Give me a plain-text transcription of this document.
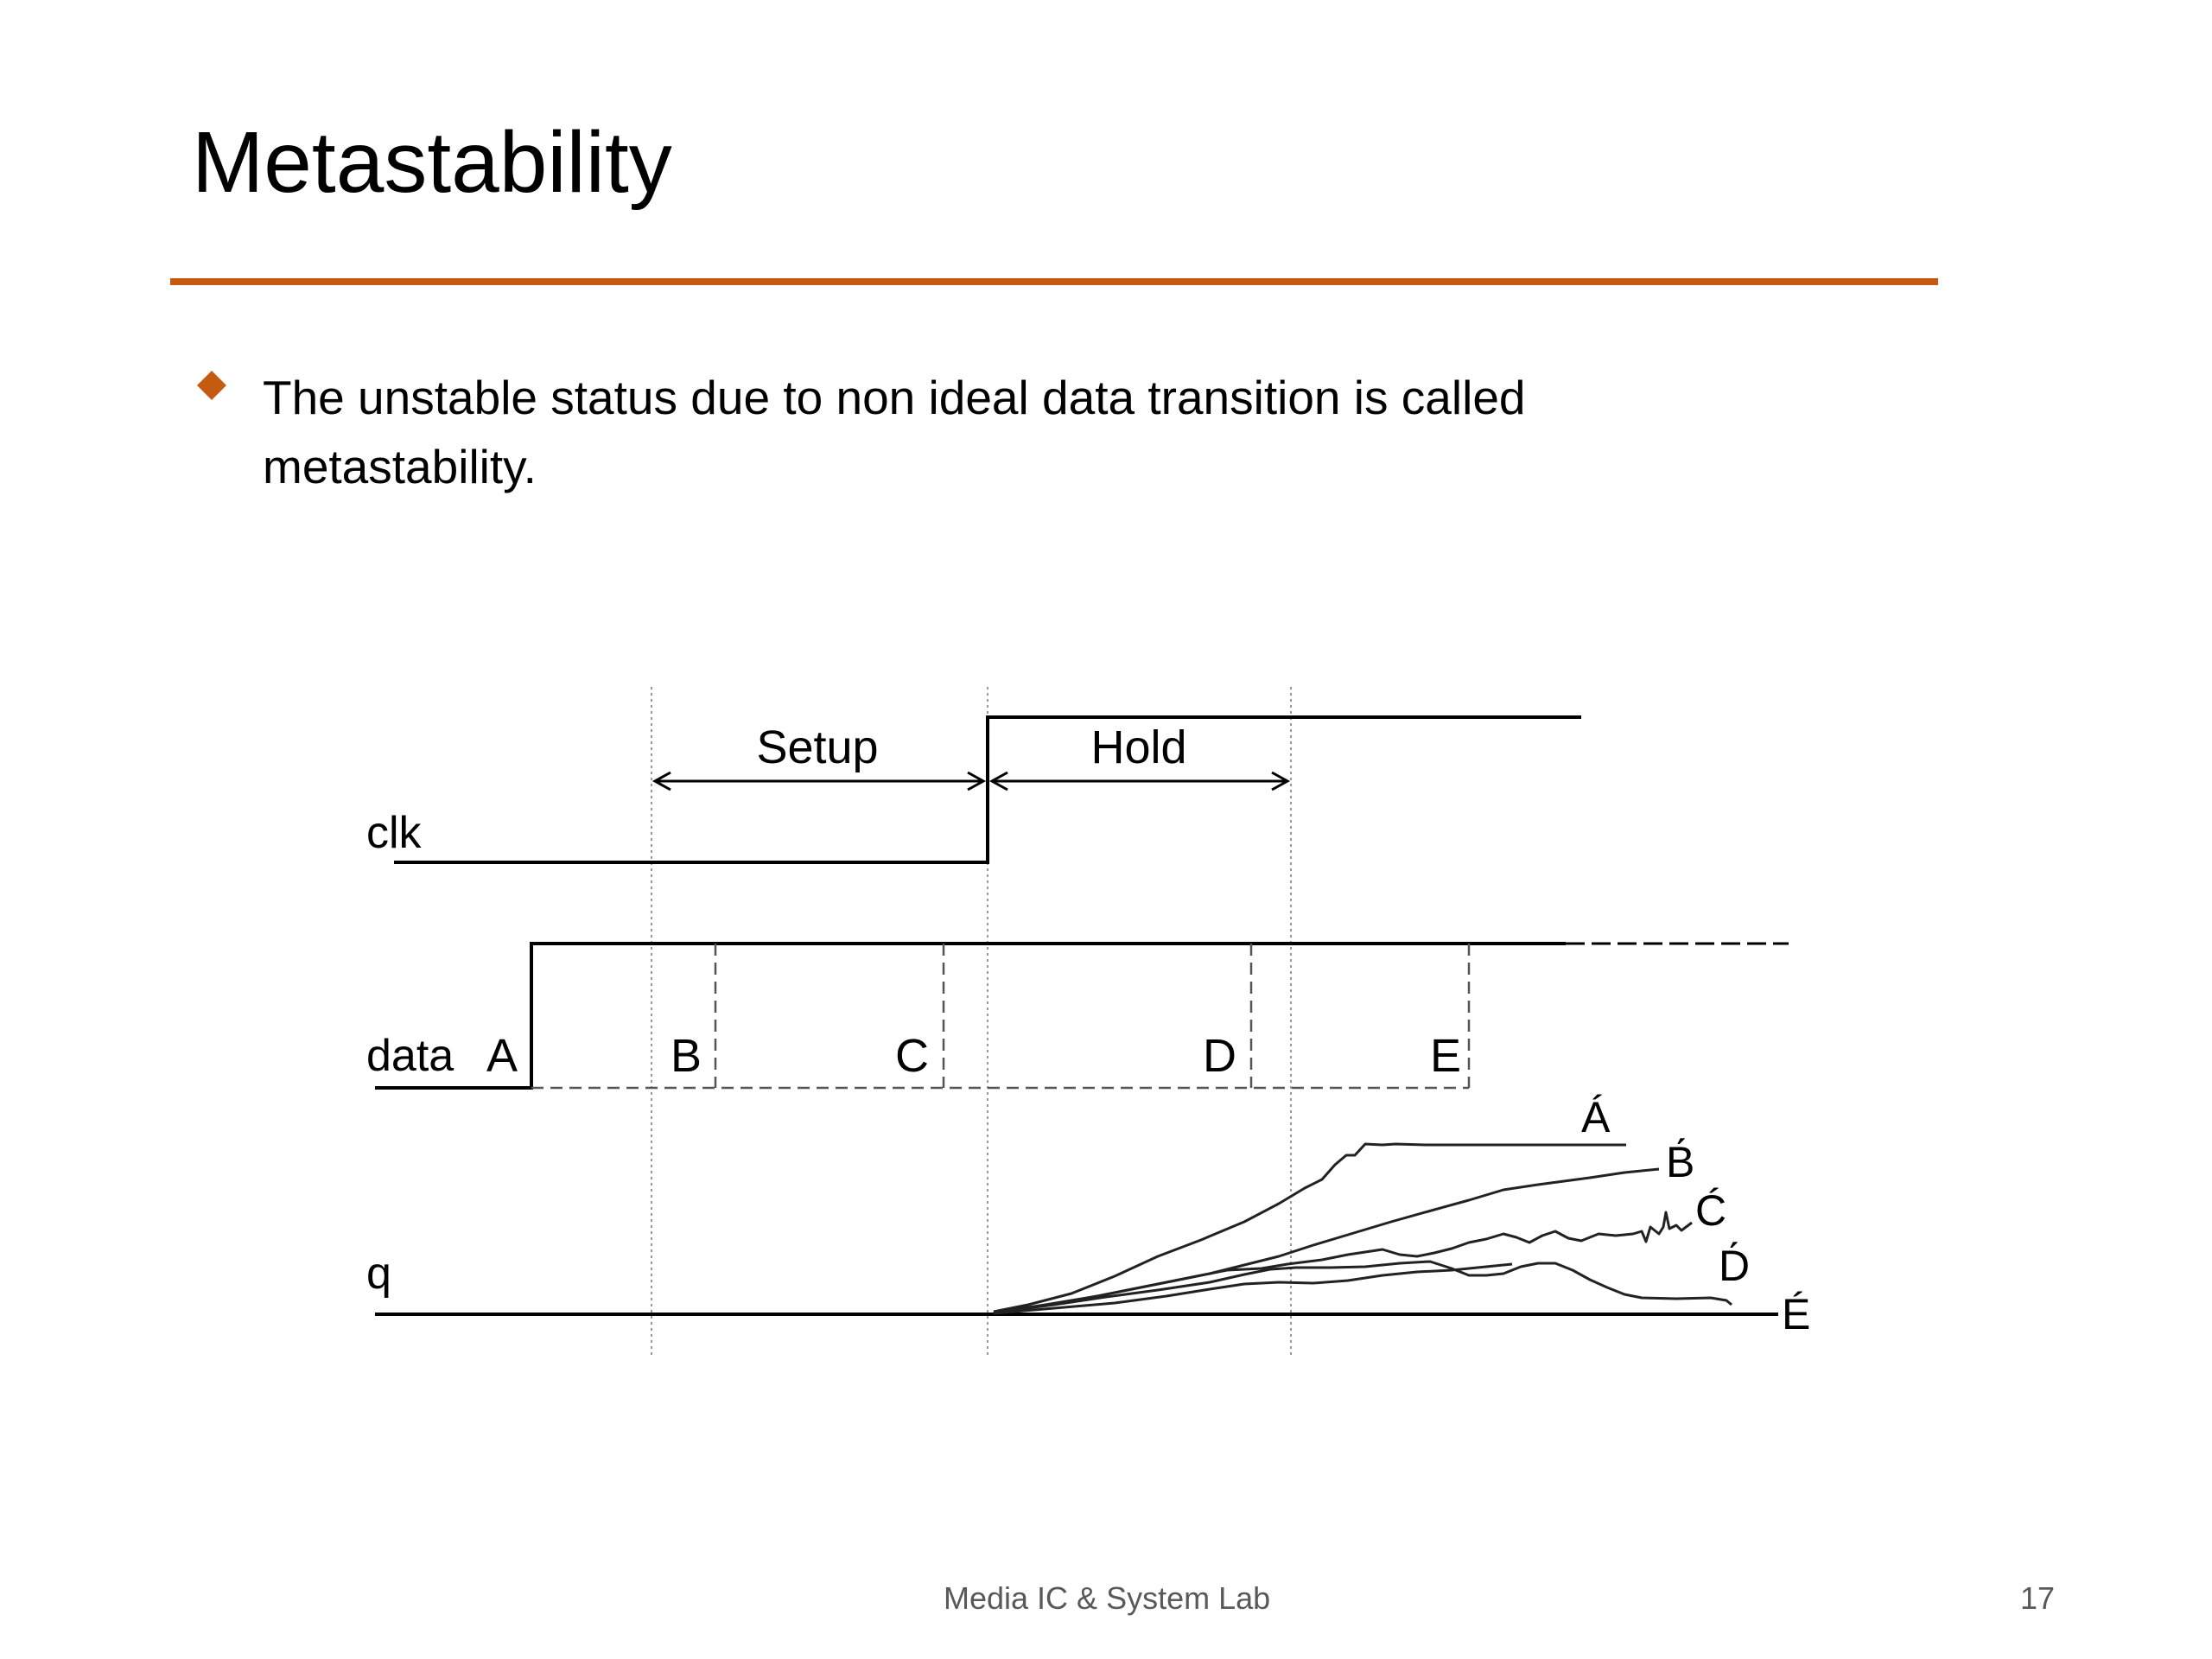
Metastability
The unstable status due to non ideal data transition is called metastability.
Setup	Hold
clk
data A	B	C	D	E
q
Á
B́
Ć
D́
É
Media IC & System Lab	17
